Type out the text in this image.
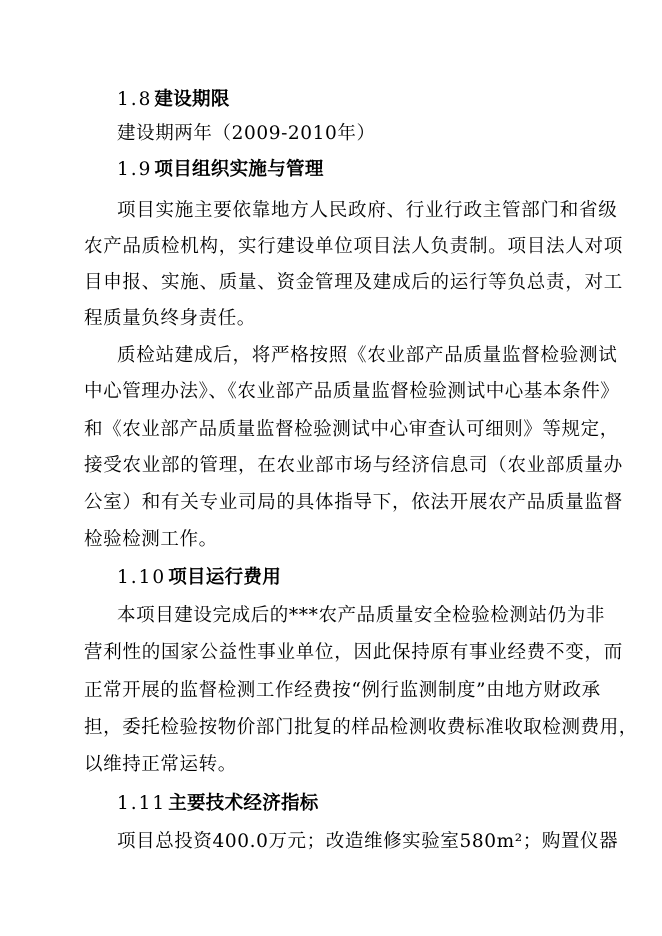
1.8 建设期限
建设期两年（2009-2010年）
1.9 项目组织实施与管理
项目实施主要依靠地方人民政府、行业行政主管部门和省级
农产品质检机构，实行建设单位项目法人负责制。项目法人对项
目申报、实施、质量、资金管理及建成后的运行等负总责，对工
程质量负终身责任。
质检站建成后，将严格按照《农业部产品质量监督检验测试
中心管理办法》、《农业部产品质量监督检验测试中心基本条件》
和《农业部产品质量监督检验测试中心审查认可细则》等规定，
接受农业部的管理，在农业部市场与经济信息司（农业部质量办
公室）和有关专业司局的具体指导下，依法开展农产品质量监督
检验检测工作。
1.10 项目运行费用
本项目建设完成后的***农产品质量安全检验检测站仍为非
营利性的国家公益性事业单位，因此保持原有事业经费不变，而
正常开展的监督检测工作经费按“例行监测制度”由地方财政承
担，委托检验按物价部门批复的样品检测收费标准收取检测费用，
以维持正常运转。
1.11 主要技术经济指标
项目总投资400.0万元；改造维修实验室580m²；购置仪器
